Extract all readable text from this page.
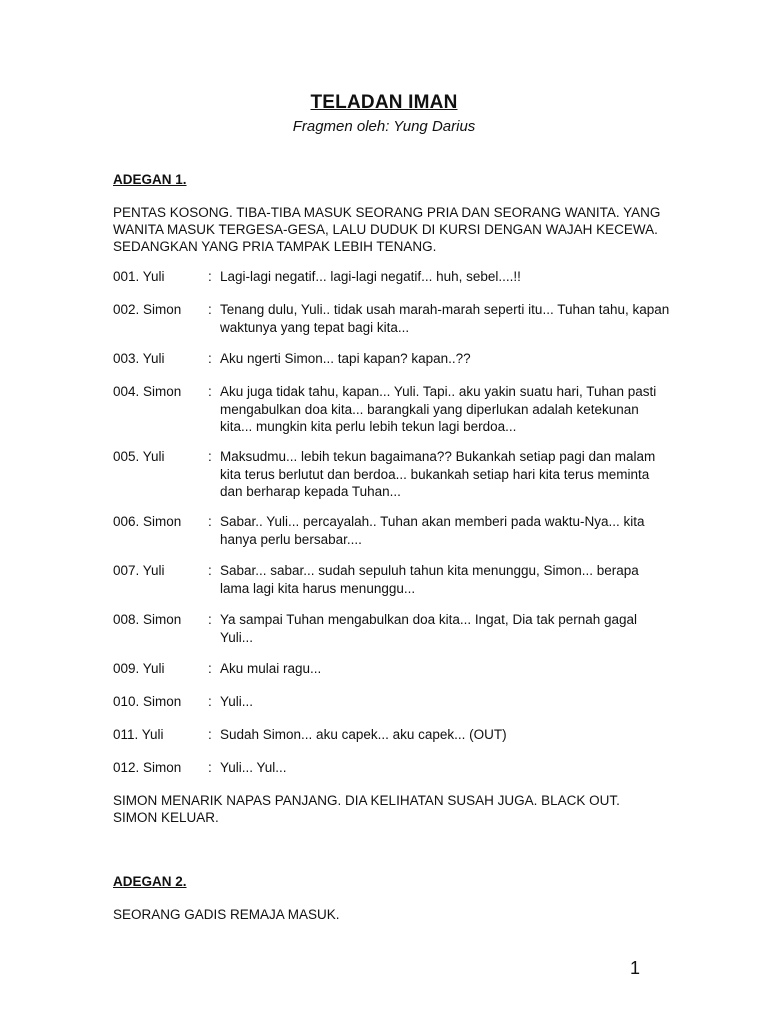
TELADAN IMAN
Fragmen oleh: Yung Darius
ADEGAN 1.
PENTAS KOSONG. TIBA-TIBA MASUK SEORANG PRIA DAN SEORANG WANITA. YANG
WANITA MASUK TERGESA-GESA, LALU DUDUK DI KURSI DENGAN WAJAH KECEWA.
SEDANGKAN YANG PRIA TAMPAK LEBIH TENANG.
001. Yuli	: Lagi-lagi negatif... lagi-lagi negatif... huh, sebel....!!
002. Simon	: Tenang dulu, Yuli.. tidak usah marah-marah seperti itu... Tuhan tahu, kapan
waktunya yang tepat bagi kita...
003. Yuli	: Aku ngerti Simon... tapi kapan? kapan..??
004. Simon	: Aku juga tidak tahu, kapan... Yuli. Tapi.. aku yakin suatu hari, Tuhan pasti
mengabulkan doa kita... barangkali yang diperlukan adalah ketekunan
kita... mungkin kita perlu lebih tekun lagi berdoa...
005. Yuli	: Maksudmu... lebih tekun bagaimana?? Bukankah setiap pagi dan malam
kita terus berlutut dan berdoa... bukankah setiap hari kita terus meminta
dan berharap kepada Tuhan...
006. Simon	: Sabar.. Yuli... percayalah.. Tuhan akan memberi pada waktu-Nya... kita
hanya perlu bersabar....
007. Yuli	: Sabar... sabar... sudah sepuluh tahun kita menunggu, Simon... berapa
lama lagi kita harus menunggu...
008. Simon	: Ya sampai Tuhan mengabulkan doa kita... Ingat, Dia tak pernah gagal
Yuli...
009. Yuli	: Aku mulai ragu...
010. Simon	: Yuli...
011. Yuli	: Sudah Simon... aku capek... aku capek... (OUT)
012. Simon	: Yuli... Yul...
SIMON MENARIK NAPAS PANJANG. DIA KELIHATAN SUSAH JUGA. BLACK OUT.
SIMON KELUAR.
ADEGAN 2.
SEORANG GADIS REMAJA MASUK.
1
